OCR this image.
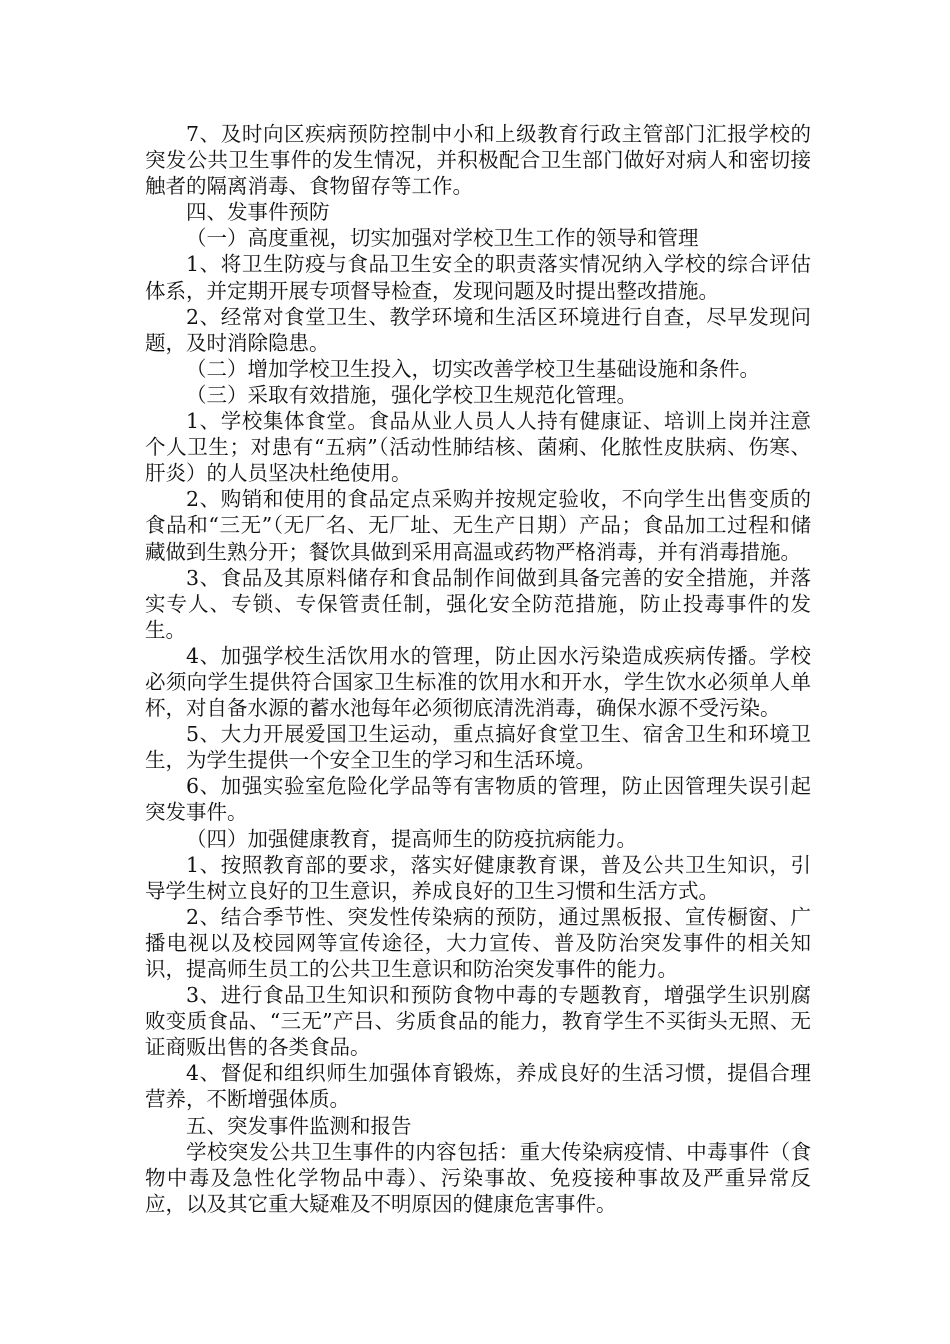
7、及时向区疾病预防控制中小和上级教育行政主管部门汇报学校的突发公共卫生事件的发生情况，并积极配合卫生部门做好对病人和密切接触者的隔离消毒、食物留存等工作。

四、发事件预防

（一）高度重视，切实加强对学校卫生工作的领导和管理

1、将卫生防疫与食品卫生安全的职责落实情况纳入学校的综合评估体系，并定期开展专项督导检查，发现问题及时提出整改措施。

2、经常对食堂卫生、教学环境和生活区环境进行自查，尽早发现问题，及时消除隐患。

（二）增加学校卫生投入，切实改善学校卫生基础设施和条件。

（三）采取有效措施，强化学校卫生规范化管理。

1、学校集体食堂。食品从业人员人人持有健康证、培训上岗并注意个人卫生；对患有“五病”（活动性肺结核、菌痢、化脓性皮肤病、伤寒、肝炎）的人员坚决杜绝使用。

2、购销和使用的食品定点采购并按规定验收，不向学生出售变质的食品和“三无”（无厂名、无厂址、无生产日期）产品；食品加工过程和储藏做到生熟分开；餐饮具做到采用高温或药物严格消毒，并有消毒措施。

3、食品及其原料储存和食品制作间做到具备完善的安全措施，并落实专人、专锁、专保管责任制，强化安全防范措施，防止投毒事件的发生。

4、加强学校生活饮用水的管理，防止因水污染造成疾病传播。学校必须向学生提供符合国家卫生标准的饮用水和开水，学生饮水必须单人单杯，对自备水源的蓄水池每年必须彻底清洗消毒，确保水源不受污染。

5、大力开展爱国卫生运动，重点搞好食堂卫生、宿舍卫生和环境卫生，为学生提供一个安全卫生的学习和生活环境。

6、加强实验室危险化学品等有害物质的管理，防止因管理失误引起突发事件。

（四）加强健康教育，提高师生的防疫抗病能力。

1、按照教育部的要求，落实好健康教育课，普及公共卫生知识，引导学生树立良好的卫生意识，养成良好的卫生习惯和生活方式。

2、结合季节性、突发性传染病的预防，通过黑板报、宣传橱窗、广播电视以及校园网等宣传途径，大力宣传、普及防治突发事件的相关知识，提高师生员工的公共卫生意识和防治突发事件的能力。

3、进行食品卫生知识和预防食物中毒的专题教育，增强学生识别腐败变质食品、“三无”产吕、劣质食品的能力，教育学生不买街头无照、无证商贩出售的各类食品。

4、督促和组织师生加强体育锻炼，养成良好的生活习惯，提倡合理营养，不断增强体质。

五、突发事件监测和报告

学校突发公共卫生事件的内容包括：重大传染病疫情、中毒事件（食物中毒及急性化学物品中毒）、污染事故、免疫接种事故及严重异常反应，以及其它重大疑难及不明原因的健康危害事件。
